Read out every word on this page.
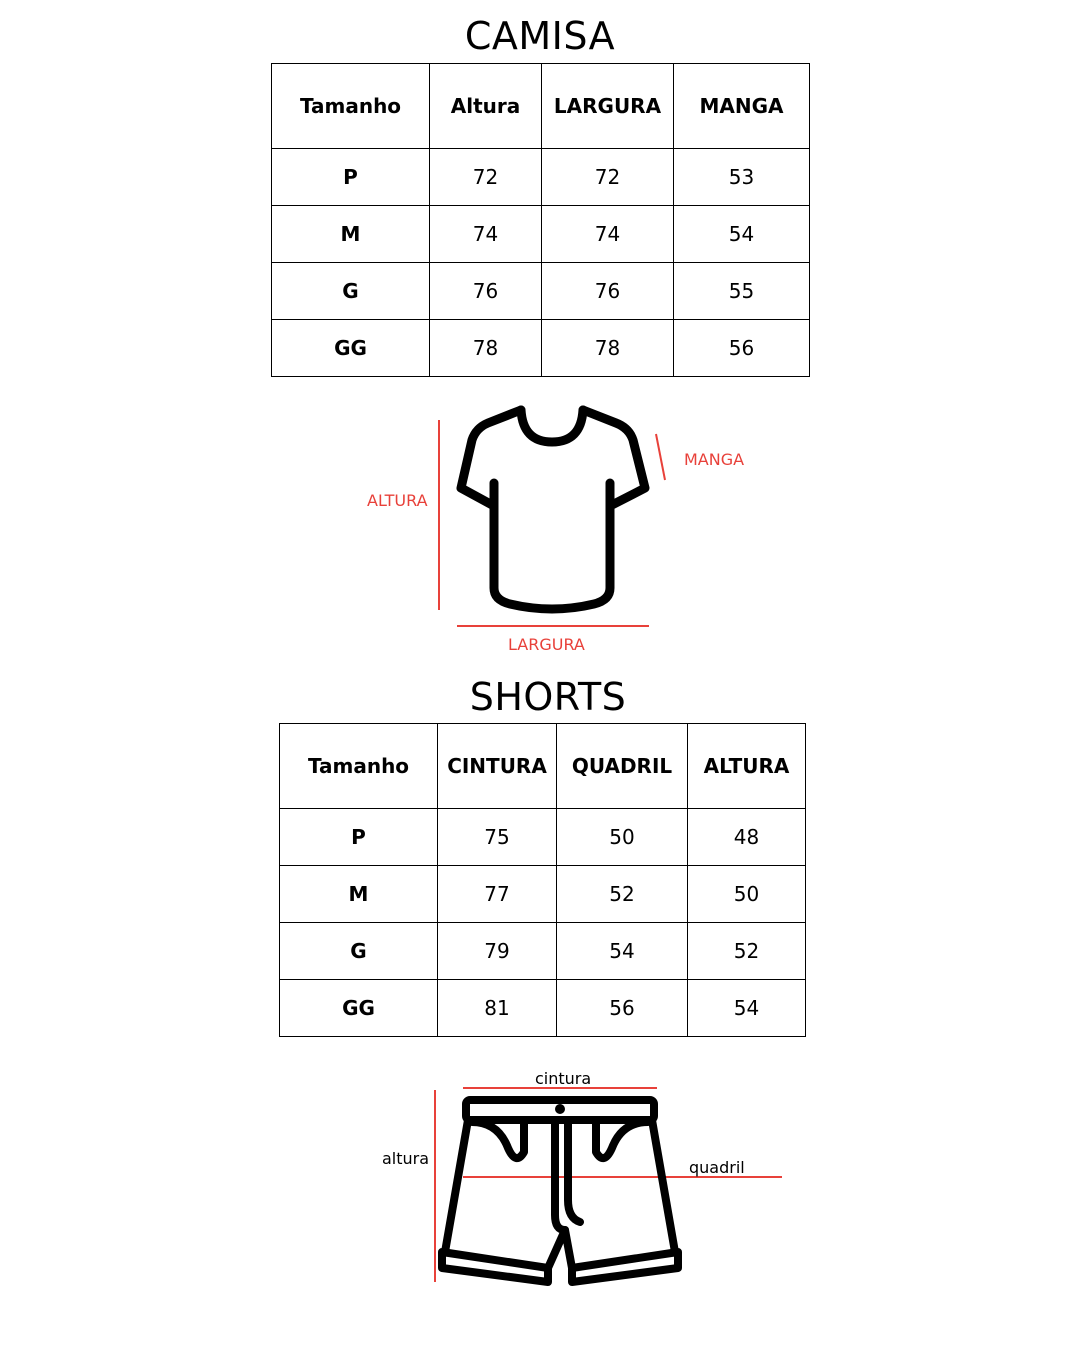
CAMISA
Tamanho	Altura	LARGURA	MANGA
P	72	72	53
M	74	74	54
G	76	76	55
GG	78	78	56
ALTURA
MANGA
LARGURA
SHORTS
Tamanho	CINTURA	QUADRIL	ALTURA
P	75	50	48
M	77	52	50
G	79	54	52
GG	81	56	54
cintura
altura	quadril
